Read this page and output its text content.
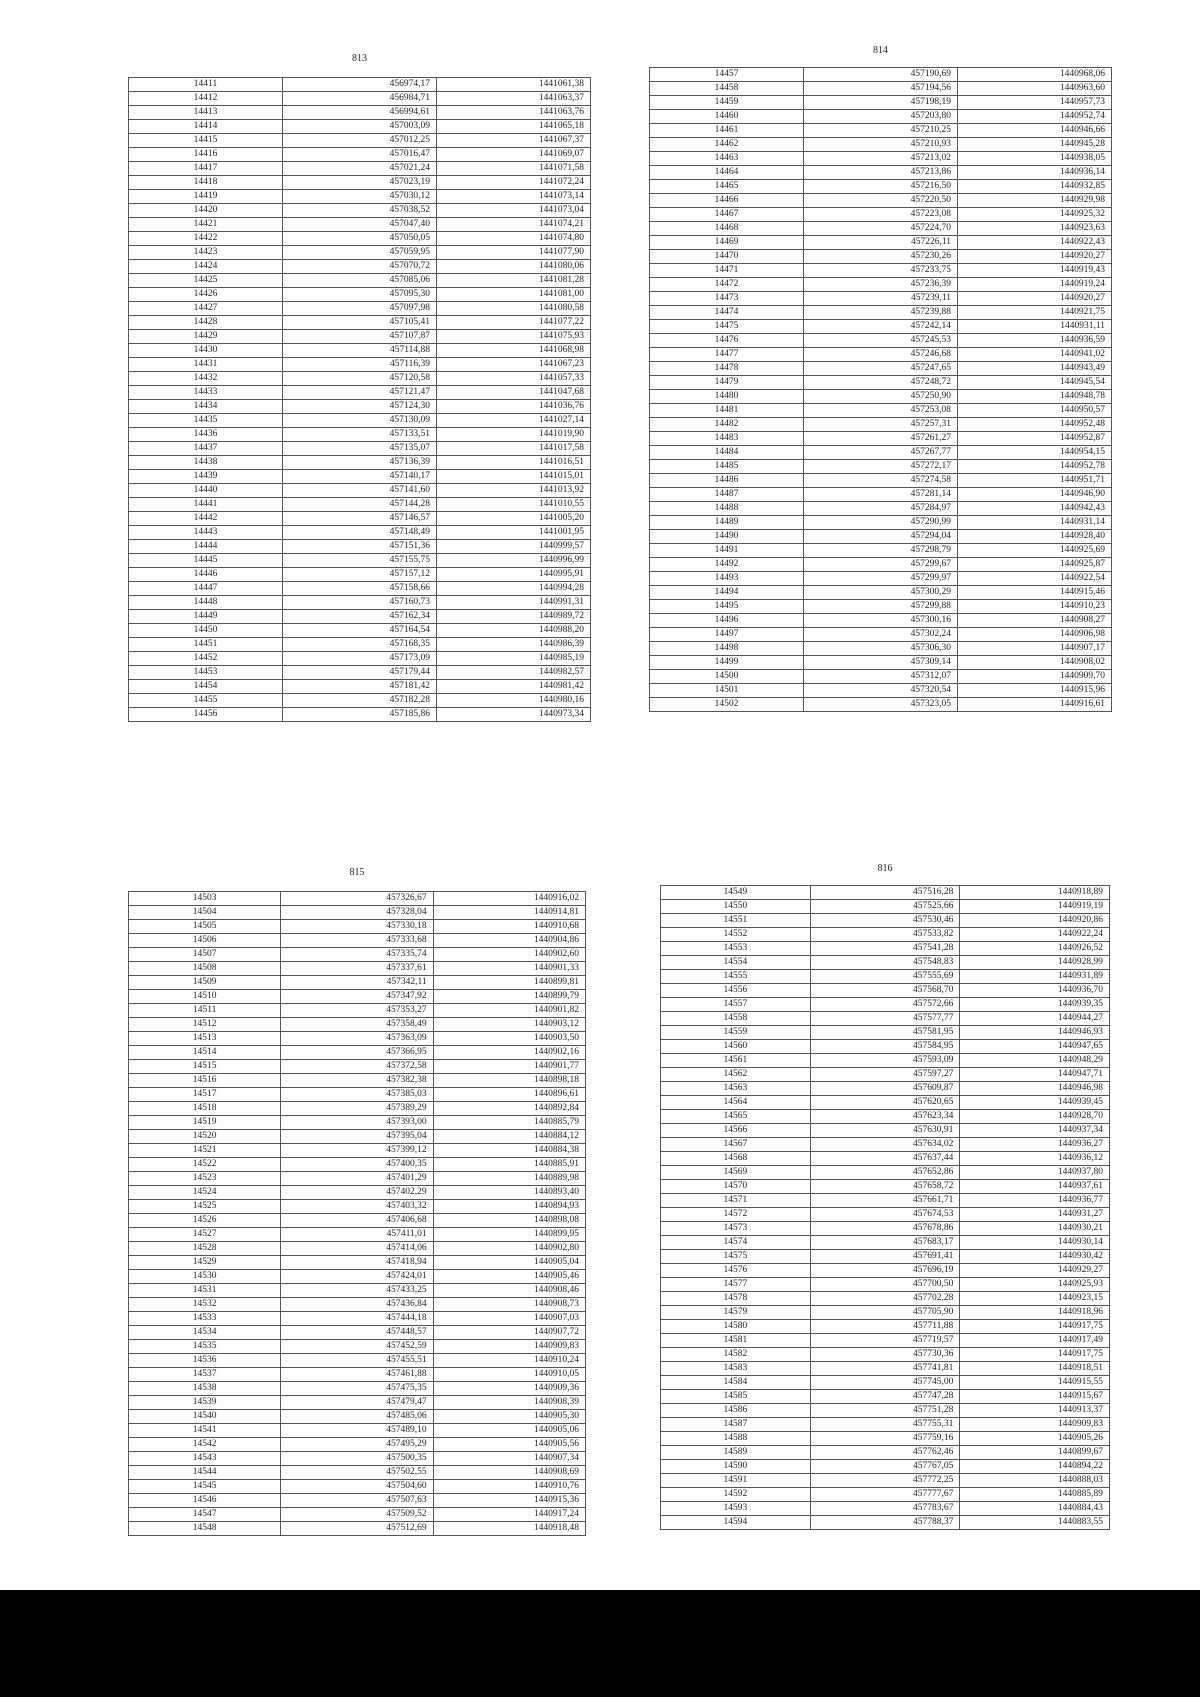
813
14411	456974,17	1441061,38
14412	456984,71	1441063,37
14413	456994,61	1441063,76
14414	457003,09	1441065,18
14415	457012,25	1441067,37
14416	457016,47	1441069,07
14417	457021,24	1441071,58
14418	457023,19	1441072,24
14419	457030,12	1441073,14
14420	457038,52	1441073,04
14421	457047,40	1441074,21
14422	457050,05	1441074,80
14423	457059,95	1441077,90
14424	457070,72	1441080,06
14425	457085,06	1441081,28
14426	457095,30	1441081,00
14427	457097,98	1441080,58
14428	457105,41	1441077,22
14429	457107,87	1441075,93
14430	457114,88	1441068,98
14431	457116,39	1441067,23
14432	457120,58	1441057,33
14433	457121,47	1441047,68
14434	457124,30	1441036,76
14435	457130,09	1441027,14
14436	457133,51	1441019,90
14437	457135,07	1441017,58
14438	457136,39	1441016,51
14439	457140,17	1441015,01
14440	457141,60	1441013,92
14441	457144,28	1441010,55
14442	457146,57	1441005,20
14443	457148,49	1441001,95
14444	457151,36	1440999,57
14445	457155,75	1440996,99
14446	457157,12	1440995,91
14447	457158,66	1440994,28
14448	457160,73	1440991,31
14449	457162,34	1440989,72
14450	457164,54	1440988,20
14451	457168,35	1440986,39
14452	457173,09	1440985,19
14453	457179,44	1440982,57
14454	457181,42	1440981,42
14455	457182,28	1440980,16
14456	457185,86	1440973,34
814
14457	457190,69	1440968,06
14458	457194,56	1440963,60
14459	457198,19	1440957,73
14460	457203,80	1440952,74
14461	457210,25	1440946,66
14462	457210,93	1440945,28
14463	457213,02	1440938,05
14464	457213,86	1440936,14
14465	457216,50	1440932,85
14466	457220,50	1440929,98
14467	457223,08	1440925,32
14468	457224,70	1440923,63
14469	457226,11	1440922,43
14470	457230,26	1440920,27
14471	457233,75	1440919,43
14472	457236,39	1440919,24
14473	457239,11	1440920,27
14474	457239,88	1440921,75
14475	457242,14	1440931,11
14476	457245,53	1440936,59
14477	457246,68	1440941,02
14478	457247,65	1440943,49
14479	457248,72	1440945,54
14480	457250,90	1440948,78
14481	457253,08	1440950,57
14482	457257,31	1440952,48
14483	457261,27	1440952,87
14484	457267,77	1440954,15
14485	457272,17	1440952,78
14486	457274,58	1440951,71
14487	457281,14	1440946,90
14488	457284,97	1440942,43
14489	457290,99	1440931,14
14490	457294,04	1440928,40
14491	457298,79	1440925,69
14492	457299,67	1440925,87
14493	457299,97	1440922,54
14494	457300,29	1440915,46
14495	457299,88	1440910,23
14496	457300,16	1440908,27
14497	457302,24	1440906,98
14498	457306,30	1440907,17
14499	457309,14	1440908,02
14500	457312,07	1440909,70
14501	457320,54	1440915,96
14502	457323,05	1440916,61
815
14503	457326,67	1440916,02
14504	457328,04	1440914,81
14505	457330,18	1440910,68
14506	457333,68	1440904,86
14507	457335,74	1440902,60
14508	457337,61	1440901,33
14509	457342,11	1440899,81
14510	457347,92	1440899,79
14511	457353,27	1440901,82
14512	457358,49	1440903,12
14513	457363,09	1440903,50
14514	457366,95	1440902,16
14515	457372,58	1440901,77
14516	457382,38	1440898,18
14517	457385,03	1440896,61
14518	457389,29	1440892,84
14519	457393,00	1440885,79
14520	457395,04	1440884,12
14521	457399,12	1440884,38
14522	457400,35	1440885,91
14523	457401,29	1440889,98
14524	457402,29	1440893,40
14525	457403,32	1440894,93
14526	457406,68	1440898,08
14527	457411,01	1440899,95
14528	457414,06	1440902,80
14529	457418,94	1440905,04
14530	457424,01	1440905,46
14531	457433,25	1440908,46
14532	457436,84	1440908,73
14533	457444,18	1440907,03
14534	457448,57	1440907,72
14535	457452,59	1440909,83
14536	457455,51	1440910,24
14537	457461,88	1440910,05
14538	457475,35	1440909,36
14539	457479,47	1440908,39
14540	457485,06	1440905,30
14541	457489,10	1440905,06
14542	457495,29	1440905,56
14543	457500,35	1440907,34
14544	457502,55	1440908,69
14545	457504,60	1440910,76
14546	457507,63	1440915,36
14547	457509,52	1440917,24
14548	457512,69	1440918,48
816
14549	457516,28	1440918,89
14550	457525,66	1440919,19
14551	457530,46	1440920,86
14552	457533,82	1440922,24
14553	457541,28	1440926,52
14554	457548,83	1440928,99
14555	457555,69	1440931,89
14556	457568,70	1440936,70
14557	457572,66	1440939,35
14558	457577,77	1440944,27
14559	457581,95	1440946,93
14560	457584,95	1440947,65
14561	457593,09	1440948,29
14562	457597,27	1440947,71
14563	457609,87	1440946,98
14564	457620,65	1440939,45
14565	457623,34	1440928,70
14566	457630,91	1440937,34
14567	457634,02	1440936,27
14568	457637,44	1440936,12
14569	457652,86	1440937,80
14570	457658,72	1440937,61
14571	457661,71	1440936,77
14572	457674,53	1440931,27
14573	457678,86	1440930,21
14574	457683,17	1440930,14
14575	457691,41	1440930,42
14576	457696,19	1440929,27
14577	457700,50	1440925,93
14578	457702,28	1440923,15
14579	457705,90	1440918,96
14580	457711,88	1440917,75
14581	457719,57	1440917,49
14582	457730,36	1440917,75
14583	457741,81	1440918,51
14584	457745,00	1440915,55
14585	457747,28	1440915,67
14586	457751,28	1440913,37
14587	457755,31	1440909,83
14588	457759,16	1440905,26
14589	457762,46	1440899,67
14590	457767,05	1440894,22
14591	457772,25	1440888,03
14592	457777,67	1440885,89
14593	457783,67	1440884,43
14594	457788,37	1440883,55
